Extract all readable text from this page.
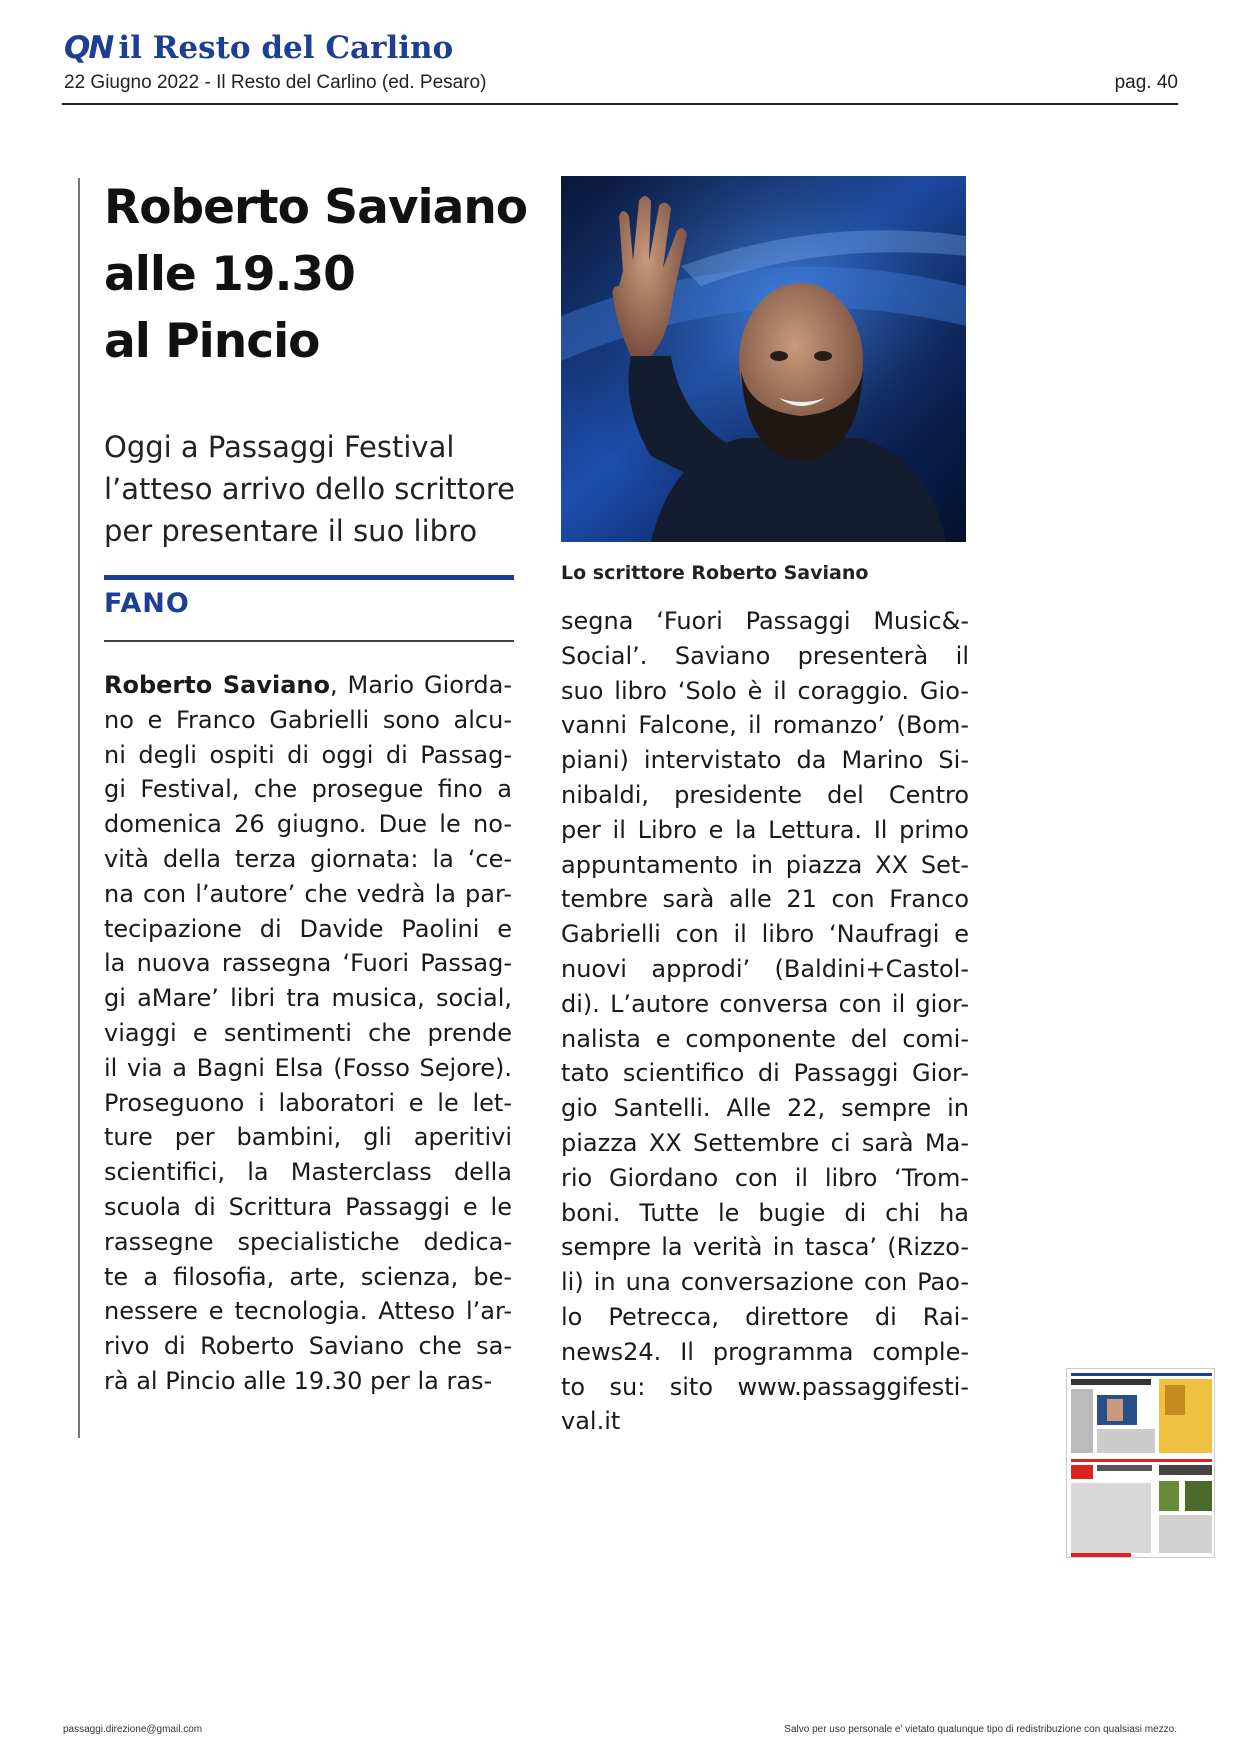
QN il Resto del Carlino
22 Giugno 2022 - Il Resto del Carlino (ed. Pesaro)	pag. 40
Roberto Saviano
alle 19.30
al Pincio
Oggi a Passaggi Festival
l’atteso arrivo dello scrittore
per presentare il suo libro
FANO
Roberto Saviano, Mario Giorda-
no e Franco Gabrielli sono alcu-
ni degli ospiti di oggi di Passag-
gi Festival, che prosegue fino a
domenica 26 giugno. Due le no-
vità della terza giornata: la ‘ce-
na con l’autore’ che vedrà la par-
tecipazione di Davide Paolini e
la nuova rassegna ‘Fuori Passag-
gi aMare’ libri tra musica, social,
viaggi e sentimenti che prende
il via a Bagni Elsa (Fosso Sejore).
Proseguono i laboratori e le let-
ture per bambini, gli aperitivi
scientifici, la Masterclass della
scuola di Scrittura Passaggi e le
rassegne specialistiche dedica-
te a filosofia, arte, scienza, be-
nessere e tecnologia. Atteso l’ar-
rivo di Roberto Saviano che sa-
rà al Pincio alle 19.30 per la ras-
Lo scrittore Roberto Saviano
segna ‘Fuori Passaggi Music&-
Social’. Saviano presenterà il
suo libro ‘Solo è il coraggio. Gio-
vanni Falcone, il romanzo’ (Bom-
piani) intervistato da Marino Si-
nibaldi, presidente del Centro
per il Libro e la Lettura. Il primo
appuntamento in piazza XX Set-
tembre sarà alle 21 con Franco
Gabrielli con il libro ‘Naufragi e
nuovi approdi’ (Baldini+Castol-
di). L’autore conversa con il gior-
nalista e componente del comi-
tato scientifico di Passaggi Gior-
gio Santelli. Alle 22, sempre in
piazza XX Settembre ci sarà Ma-
rio Giordano con il libro ‘Trom-
boni. Tutte le bugie di chi ha
sempre la verità in tasca’ (Rizzo-
li) in una conversazione con Pao-
lo Petrecca, direttore di Rai-
news24. Il programma comple-
to su: sito www.passaggifesti-
val.it
passaggi.direzione@gmail.com	Salvo per uso personale e' vietato qualunque tipo di redistribuzione con qualsiasi mezzo.
